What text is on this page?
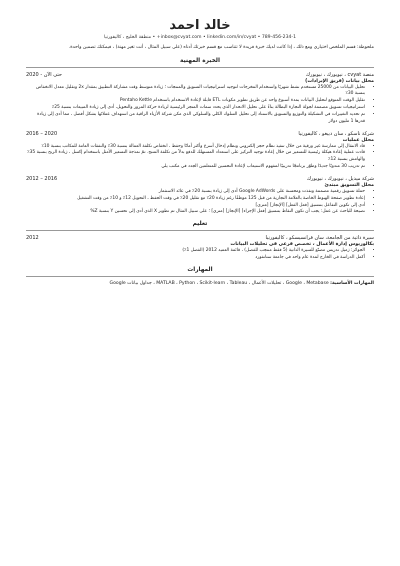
خالد احمد
inbox@cvyat.com • linkedin.com/in/cvyat • 789-456-234-1+ • منطقة الخليج ، كاليفورنيا
ملحوظة: قسم الملخص اختياري ومع ذلك ، إذا كانت لديك خبرة فريدة لا تتناسب مع قسم خبرتك أدناه (على سبيل المثال ، أنت تغير مهنة) ، فيمكنك تضمين واحدة.
الخبرة المهنية
منصة cvyat ، نيويورك ، نيويورك
2020 - حتى الآن
محلل بيانات (فريق الإيرادات)
• تحليل البيانات من 25000 مستخدم نشط شهريًا واستخدام المخرجات لتوجيه استراتيجيات التسويق والمنتجات ؛ زيادة متوسط وقت مشاركة التطبيق بمقدار 2x وتقليل معدل الانخفاض بنسبة 30٪
• تقليل الوقت المتوقع لتحليل البيانات بمدة أسبوع واحد عن طريق تطوير مكونات ETL قابلة لإعادة الاستخدام باستخدام Pentaho Kettle
• استراتيجيات تسويق مصممة لجولة التجارة البطالة بناءً على تحليل الانحدار الذي يحدد سمات المتجر الرئيسية لزيادة حركة المرور والتحويل، أدى إلى زيادة المبيعات بنسبة 25٪
• تم تحديد التغييرات في التشكيلة والتوزيع والتسويق بالاستناد إلى تحليل السلوك الكلي والسلوكي الذي مكن شركة الأزياء الراقية من استهداف عملائها بشكل أفضل ، مما أدى إلى زيادة قدرها 1 مليون دولار
شركة ناسكو ، سان دييغو ، كاليفورنيا
2016 – 2020
محلل عمليات
• قاد الانتقال إلى ممارسة غير ورقية من خلال تنفيذ نظام حجز إلكتروني ونظام إدخال أسرع وأكثر أمانًا وحفظ ، انخفاض تكلفة العمالة بنسبة 30٪ والنفقات العامة للمكاتب بنسبة 10٪
• قادت عملية إعادة هيكلة رئيسية للتسعير من خلال إعادة توجيه التركيز على استعداد المستهلك للدفع بدلاً من تكلفة المنتج. تمّ نمذجة التسعير الأمثل باستخدام إكسل ، زيادة الربح بنسبة 35٪ والهامش بنسبة 12٪
• تم تدريب 30 مندوبًا جديدًا وطوّر برنامجًا تدريبيًا لمفهوم الاستيعاب لإعادة التحسين للمتعلمين الجدد في مكتب يلي
شركة ميديل ، نيويورك ، نيويورك
2012 – 2016
محلل التسويق مبتدئ
• حملة تسويق رقمية مصممة ونفذت ومحسنة على Google AdWords أدى إلى زيادة بنسبة 20٪ في عائد الاستثمار
• إعادة تطوير صفحة الهبوط الخاصة بالعلامة التجارية من قبل 125 موظفًا رغم زيادة 20٪ مع تقليل 20٪ في وقت الحفظ ، التحويل 12٪ و 10٪ من وقت التشغيل
• أدى إلى تكوين التفاعل بتنسيق [فعل الفعل] [الإنجاز] [متري]
• نصيحة للباحث عن عمل: يجب أن تكون النقاط بتنسيق [فعل الإجراء] [الإنجاز] [متري] ؛ على سبيل المثال تم تطوير X الذي أدى إلى تحسين Y بنسبة Z%
تعليم
سيرة ذاتية من الجامعة، سان فرانسيسكو ، كاليفورنيا
2012
بكالوريوس إدارة الأعمال ، تخصص فرعي في تحليلات البيانات
• الجوائز: زميل تدريس مصنّع للسيرة الذاتية (5 فقط منتجب للفصل) ، قائمة العميد 2012 (الفصل 1٪)
• أكمل الدراسة في الخارج لمدة عام واحد في جامعة ستانفورد
المهارات
المهارات الأساسية: Google ، Metabase ، تحليلات الأعمال ، MATLAB ، Python ، Scikit-learn ، Tableau ، جداول بيانات Google
